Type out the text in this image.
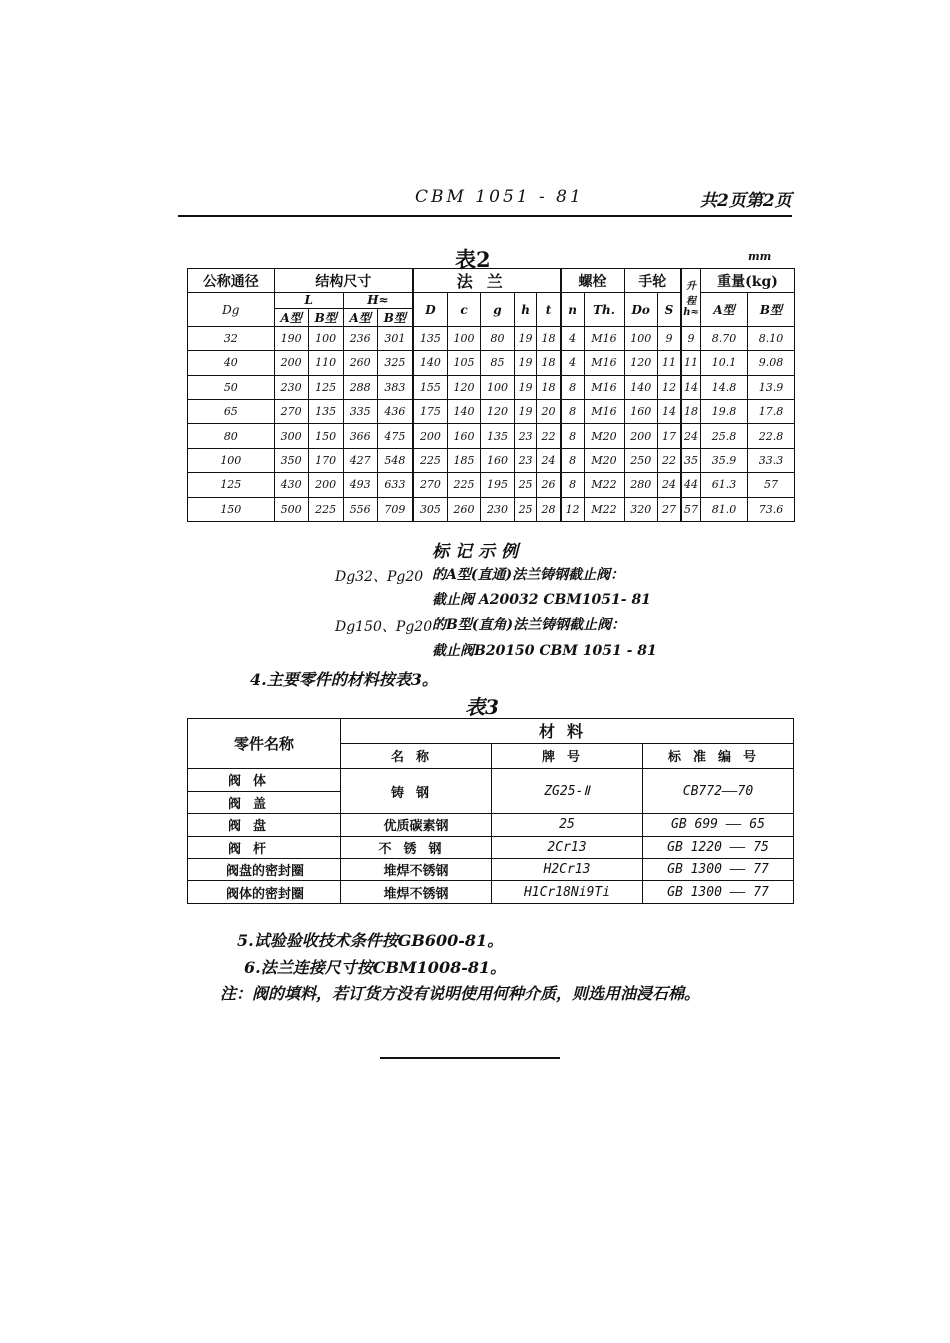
CBM 1051 - 81	共2页第2页
表2	mm
公称通径	结构尺寸				法兰					螺栓		手轮		升程h≈	重量(kg)	
Dg	L		H≈		D	c	g	h	t	n	Th.	Do	S		A型	B型
	A型	B型	A型	B型												
32	190	100	236	301	135	100	80	19	18	4	M16	100	9	9	8.70	8.10
40	200	110	260	325	140	105	85	19	18	4	M16	120	11	11	10.1	9.08
50	230	125	288	383	155	120	100	19	18	8	M16	140	12	14	14.8	13.9
65	270	135	335	436	175	140	120	19	20	8	M16	160	14	18	19.8	17.8
80	300	150	366	475	200	160	135	23	22	8	M20	200	17	24	25.8	22.8
100	350	170	427	548	225	185	160	23	24	8	M20	250	22	35	35.9	33.3
125	430	200	493	633	270	225	195	25	26	8	M22	280	24	44	61.3	57
150	500	225	556	709	305	260	230	25	28	12	M22	320	27	57	81.0	73.6
标记示例
Dg32、Pg20 的A型(直通)法兰铸钢截止阀：
截止阀 A20032 CBM1051- 81
Dg150、Pg20 的B型(直角)法兰铸钢截止阀：
截止阀B20150 CBM 1051 - 81
4.主要零件的材料按表3。
表3
零件名称	材料		
	名称	牌号	标准编号
阀体	铸钢	ZG25-Ⅱ	CB772——70
阀盖			
阀盘	优质碳素钢	25	GB 699 —— 65
阀杆	不锈钢	2Cr13	GB 1220 —— 75
阀盘的密封圈	堆焊不锈钢	H2Cr13	GB 1300 —— 77
阀体的密封圈	堆焊不锈钢	H1Cr18Ni9Ti	GB 1300 —— 77
5.试验验收技术条件按GB600-81。
6.法兰连接尺寸按CBM1008-81。
注：阀的填料，若订货方没有说明使用何种介质，则选用油浸石棉。
